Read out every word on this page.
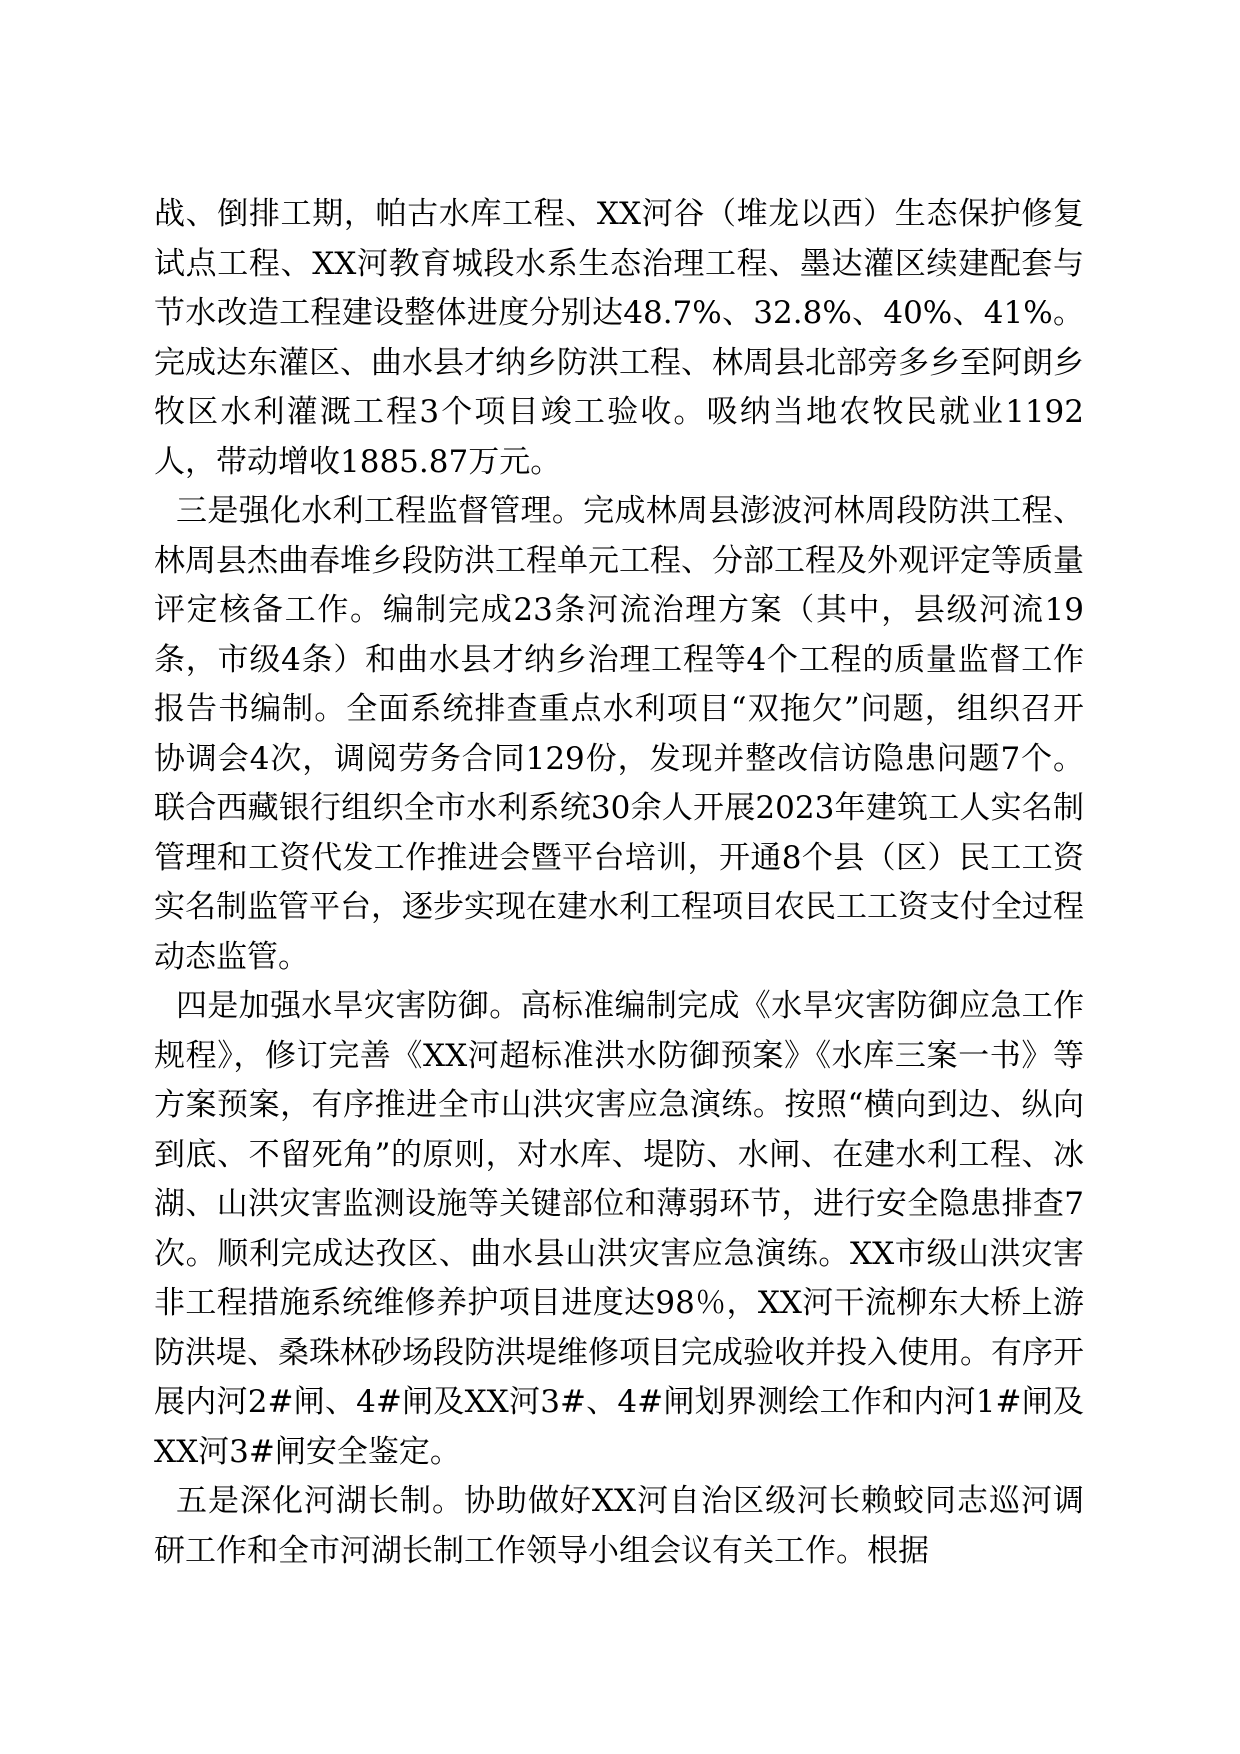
战、倒排工期，帕古水库工程、XX河谷（堆龙以西）生态保护修复试点工程、XX河教育城段水系生态治理工程、墨达灌区续建配套与节水改造工程建设整体进度分别达48.7%、32.8%、40%、41%。完成达东灌区、曲水县才纳乡防洪工程、林周县北部旁多乡至阿朗乡牧区水利灌溉工程3个项目竣工验收。吸纳当地农牧民就业1192人，带动增收1885.87万元。

三是强化水利工程监督管理。完成林周县澎波河林周段防洪工程、林周县杰曲春堆乡段防洪工程单元工程、分部工程及外观评定等质量评定核备工作。编制完成23条河流治理方案（其中，县级河流19条，市级4条）和曲水县才纳乡治理工程等4个工程的质量监督工作报告书编制。全面系统排查重点水利项目“双拖欠”问题，组织召开协调会4次，调阅劳务合同129份，发现并整改信访隐患问题7个。联合西藏银行组织全市水利系统30余人开展2023年建筑工人实名制管理和工资代发工作推进会暨平台培训，开通8个县（区）民工工资实名制监管平台，逐步实现在建水利工程项目农民工工资支付全过程动态监管。

四是加强水旱灾害防御。高标准编制完成《水旱灾害防御应急工作规程》，修订完善《XX河超标准洪水防御预案》《水库三案一书》等方案预案，有序推进全市山洪灾害应急演练。按照“横向到边、纵向到底、不留死角”的原则，对水库、堤防、水闸、在建水利工程、冰湖、山洪灾害监测设施等关键部位和薄弱环节，进行安全隐患排查7次。顺利完成达孜区、曲水县山洪灾害应急演练。XX市级山洪灾害非工程措施系统维修养护项目进度达98％，XX河干流柳东大桥上游防洪堤、桑珠林砂场段防洪堤维修项目完成验收并投入使用。有序开展内河2#闸、4#闸及XX河3#、4#闸划界测绘工作和内河1#闸及XX河3#闸安全鉴定。

五是深化河湖长制。协助做好XX河自治区级河长赖蛟同志巡河调研工作和全市河湖长制工作领导小组会议有关工作。根据
